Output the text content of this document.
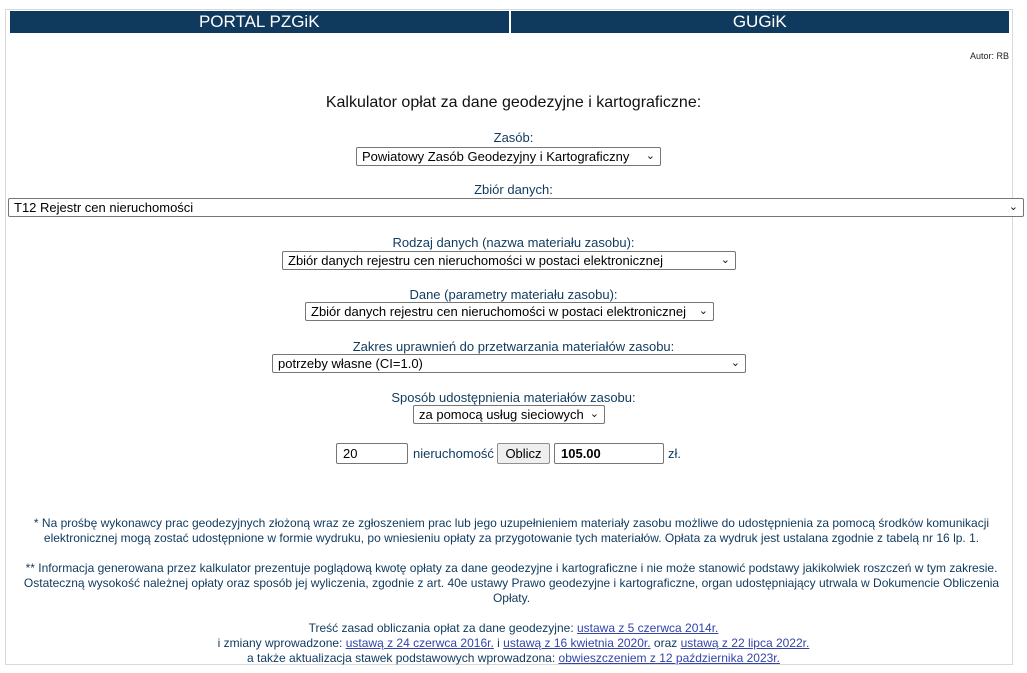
PORTAL PZGiK	GUGiK
Autor: RB
Kalkulator opłat za dane geodezyjne i kartograficzne:
Zasób:
Powiatowy Zasób Geodezyjny i Kartograficzny ⌄
Zbiór danych:
T12 Rejestr cen nieruchomości	⌄
Rodzaj danych (nazwa materiału zasobu):
Zbiór danych rejestru cen nieruchomości w postaci elektronicznej	⌄
Dane (parametry materiału zasobu):
Zbiór danych rejestru cen nieruchomości w postaci elektronicznej ⌄
Zakres uprawnień do przetwarzania materiałów zasobu:
potrzeby własne (CI=1.0)	⌄
Sposób udostępnienia materiałów zasobu:
za pomocą usług sieciowych ⌄
20	nieruchomość Oblicz	105.00	zł.
* Na prośbę wykonawcy prac geodezyjnych złożoną wraz ze zgłoszeniem prac lub jego uzupełnieniem materiały zasobu możliwe do udostępnienia za pomocą środków komunikacji elektronicznej mogą zostać udostępnione w formie wydruku, po wniesieniu opłaty za przygotowanie tych materiałów. Opłata za wydruk jest ustalana zgodnie z tabelą nr 16 lp. 1.
** Informacja generowana przez kalkulator prezentuje poglądową kwotę opłaty za dane geodezyjne i kartograficzne i nie może stanowić podstawy jakikolwiek roszczeń w tym zakresie. Ostateczną wysokość należnej opłaty oraz sposób jej wyliczenia, zgodnie z art. 40e ustawy Prawo geodezyjne i kartograficzne, organ udostępniający utrwala w Dokumencie Obliczenia Opłaty.
Treść zasad obliczania opłat za dane geodezyjne: ustawa z 5 czerwca 2014r.
i zmiany wprowadzone: ustawą z 24 czerwca 2016r. i ustawą z 16 kwietnia 2020r. oraz ustawą z 22 lipca 2022r.
a także aktualizacja stawek podstawowych wprowadzona: obwieszczeniem z 12 października 2023r.
